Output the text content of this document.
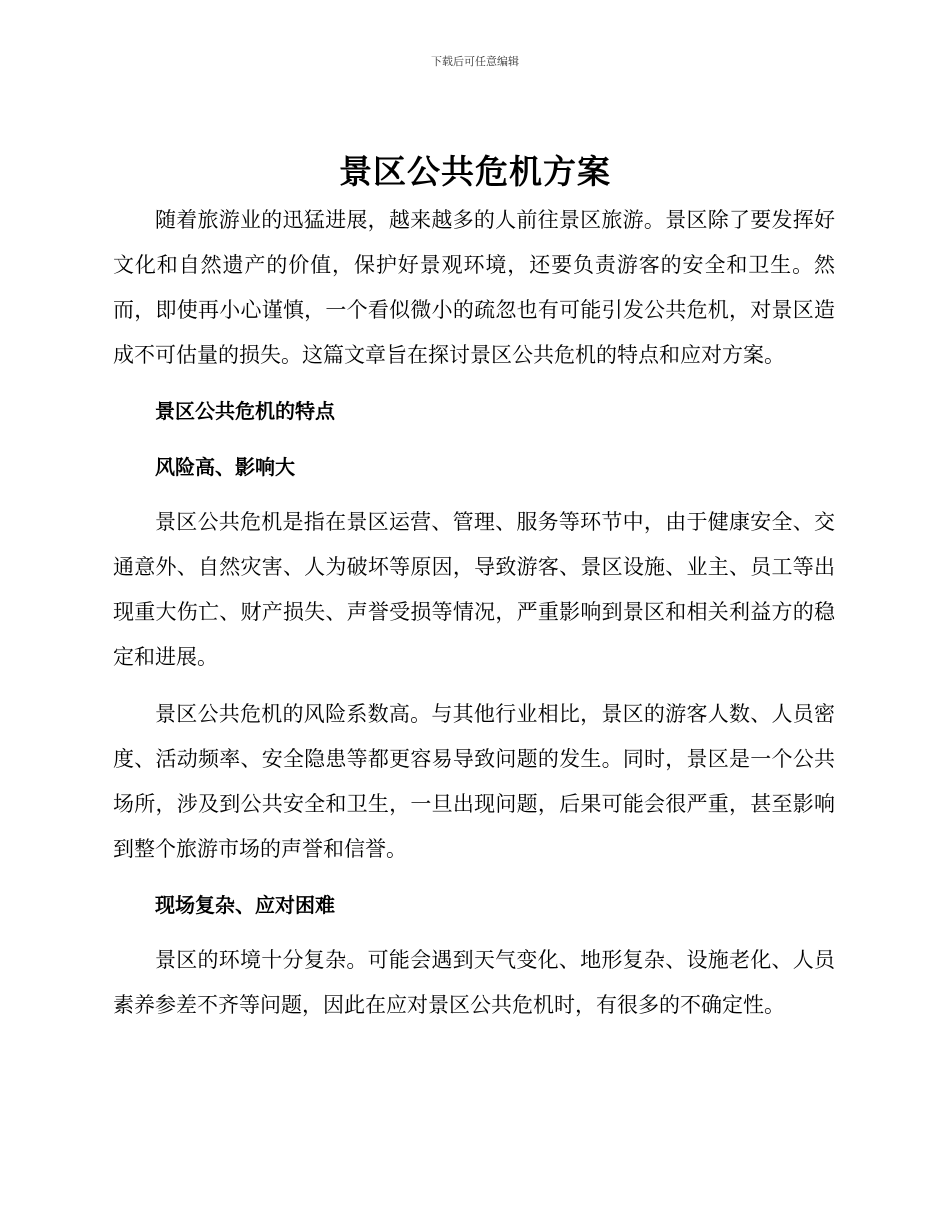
下载后可任意编辑
景区公共危机方案

随着旅游业的迅猛进展，越来越多的人前往景区旅游。景区除了要发挥好文化和自然遗产的价值，保护好景观环境，还要负责游客的安全和卫生。然而，即使再小心谨慎，一个看似微小的疏忽也有可能引发公共危机，对景区造成不可估量的损失。这篇文章旨在探讨景区公共危机的特点和应对方案。

景区公共危机的特点
风险高、影响大

景区公共危机是指在景区运营、管理、服务等环节中，由于健康安全、交通意外、自然灾害、人为破坏等原因，导致游客、景区设施、业主、员工等出现重大伤亡、财产损失、声誉受损等情况，严重影响到景区和相关利益方的稳定和进展。

景区公共危机的风险系数高。与其他行业相比，景区的游客人数、人员密度、活动频率、安全隐患等都更容易导致问题的发生。同时，景区是一个公共场所，涉及到公共安全和卫生，一旦出现问题，后果可能会很严重，甚至影响到整个旅游市场的声誉和信誉。

现场复杂、应对困难

景区的环境十分复杂。可能会遇到天气变化、地形复杂、设施老化、人员素养参差不齐等问题，因此在应对景区公共危机时，有很多的不确定性。
